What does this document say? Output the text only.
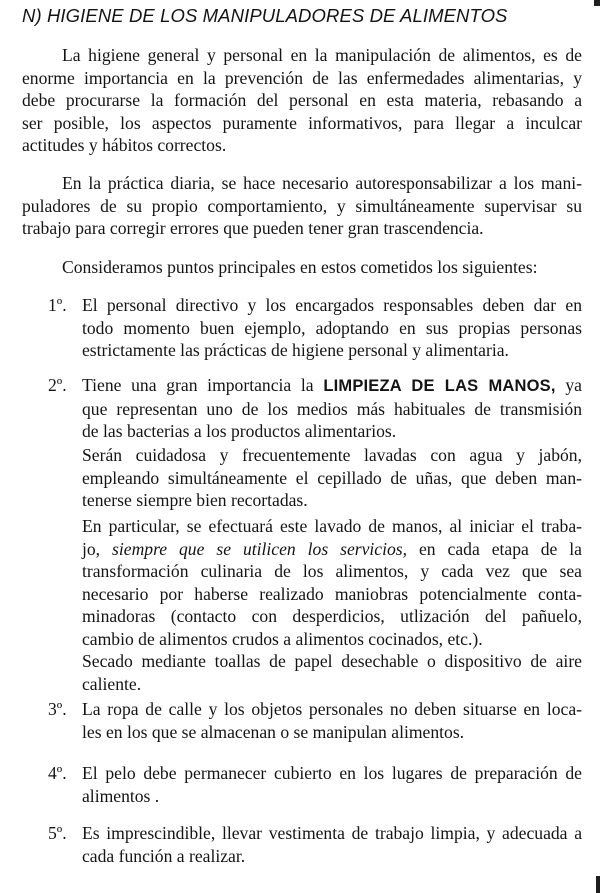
N) HIGIENE DE LOS MANIPULADORES DE ALIMENTOS
La higiene general y personal en la manipulación de alimentos, es de
enorme importancia en la prevención de las enfermedades alimentarias, y
debe procurarse la formación del personal en esta materia, rebasando a
ser posible, los aspectos puramente informativos, para llegar a inculcar
actitudes y hábitos correctos.
En la práctica diaria, se hace necesario autoresponsabilizar a los mani-
puladores de su propio comportamiento, y simultáneamente supervisar su
trabajo para corregir errores que pueden tener gran trascendencia.
Consideramos puntos principales en estos cometidos los siguientes:
1º. El personal directivo y los encargados responsables deben dar en
todo momento buen ejemplo, adoptando en sus propias personas
estrictamente las prácticas de higiene personal y alimentaria.
2º. Tiene una gran importancia la LIMPIEZA DE LAS MANOS, ya
que representan uno de los medios más habituales de transmisión
de las bacterias a los productos alimentarios.
Serán cuidadosa y frecuentemente lavadas con agua y jabón,
empleando simultáneamente el cepillado de uñas, que deben man-
tenerse siempre bien recortadas.
En particular, se efectuará este lavado de manos, al iniciar el traba-
jo, siempre que se utilicen los servicios, en cada etapa de la
transformación culinaria de los alimentos, y cada vez que sea
necesario por haberse realizado maniobras potencialmente conta-
minadoras (contacto con desperdicios, utlización del pañuelo,
cambio de alimentos crudos a alimentos cocinados, etc.).
Secado mediante toallas de papel desechable o dispositivo de aire
caliente.
3º. La ropa de calle y los objetos personales no deben situarse en loca-
les en los que se almacenan o se manipulan alimentos.
4º. El pelo debe permanecer cubierto en los lugares de preparación de
alimentos .
5º. Es imprescindible, llevar vestimenta de trabajo limpia, y adecuada a
cada función a realizar.
